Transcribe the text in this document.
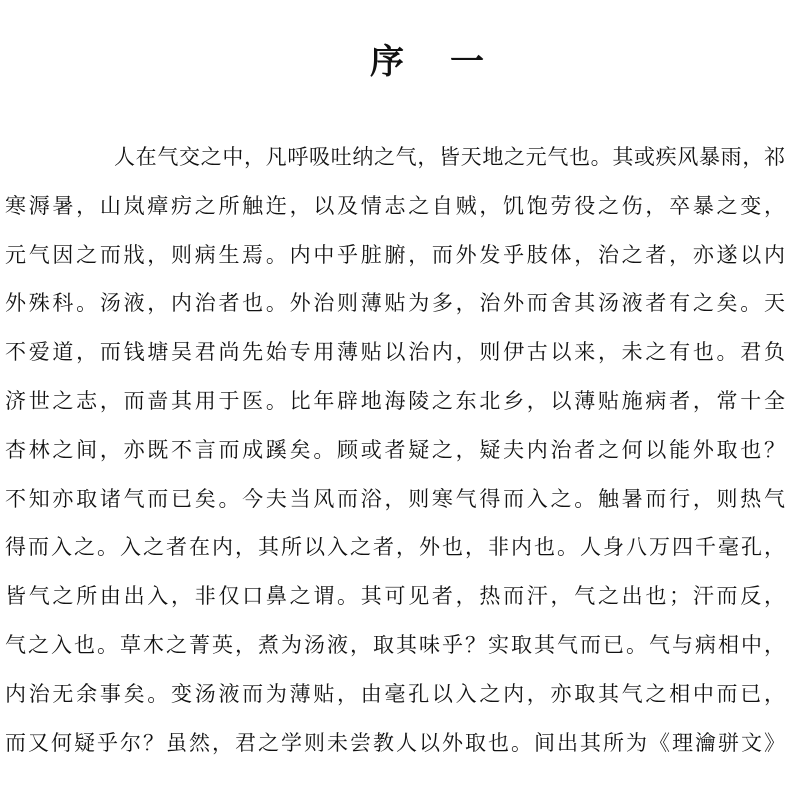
序　一
人在气交之中，凡呼吸吐纳之气，皆天地之元气也。其或疾风暴雨，祁
寒溽暑，山岚瘴疠之所触迕，以及情志之自贼，饥饱劳役之伤，卒暴之变，
元气因之而戕，则病生焉。内中乎脏腑，而外发乎肢体，治之者，亦遂以内
外殊科。汤液，内治者也。外治则薄贴为多，治外而舍其汤液者有之矣。天
不爱道，而钱塘吴君尚先始专用薄贴以治内，则伊古以来，未之有也。君负
济世之志，而啬其用于医。比年辟地海陵之东北乡，以薄贴施病者，常十全
杏林之间，亦既不言而成蹊矣。顾或者疑之，疑夫内治者之何以能外取也？
不知亦取诸气而已矣。今夫当风而浴，则寒气得而入之。触暑而行，则热气
得而入之。入之者在内，其所以入之者，外也，非内也。人身八万四千毫孔，
皆气之所由出入，非仅口鼻之谓。其可见者，热而汗，气之出也；汗而反，
气之入也。草木之菁英，煮为汤液，取其味乎？实取其气而已。气与病相中，
内治无余事矣。变汤液而为薄贴，由毫孔以入之内，亦取其气之相中而已，
而又何疑乎尔？虽然，君之学则未尝教人以外取也。间出其所为《理瀹骈文》
